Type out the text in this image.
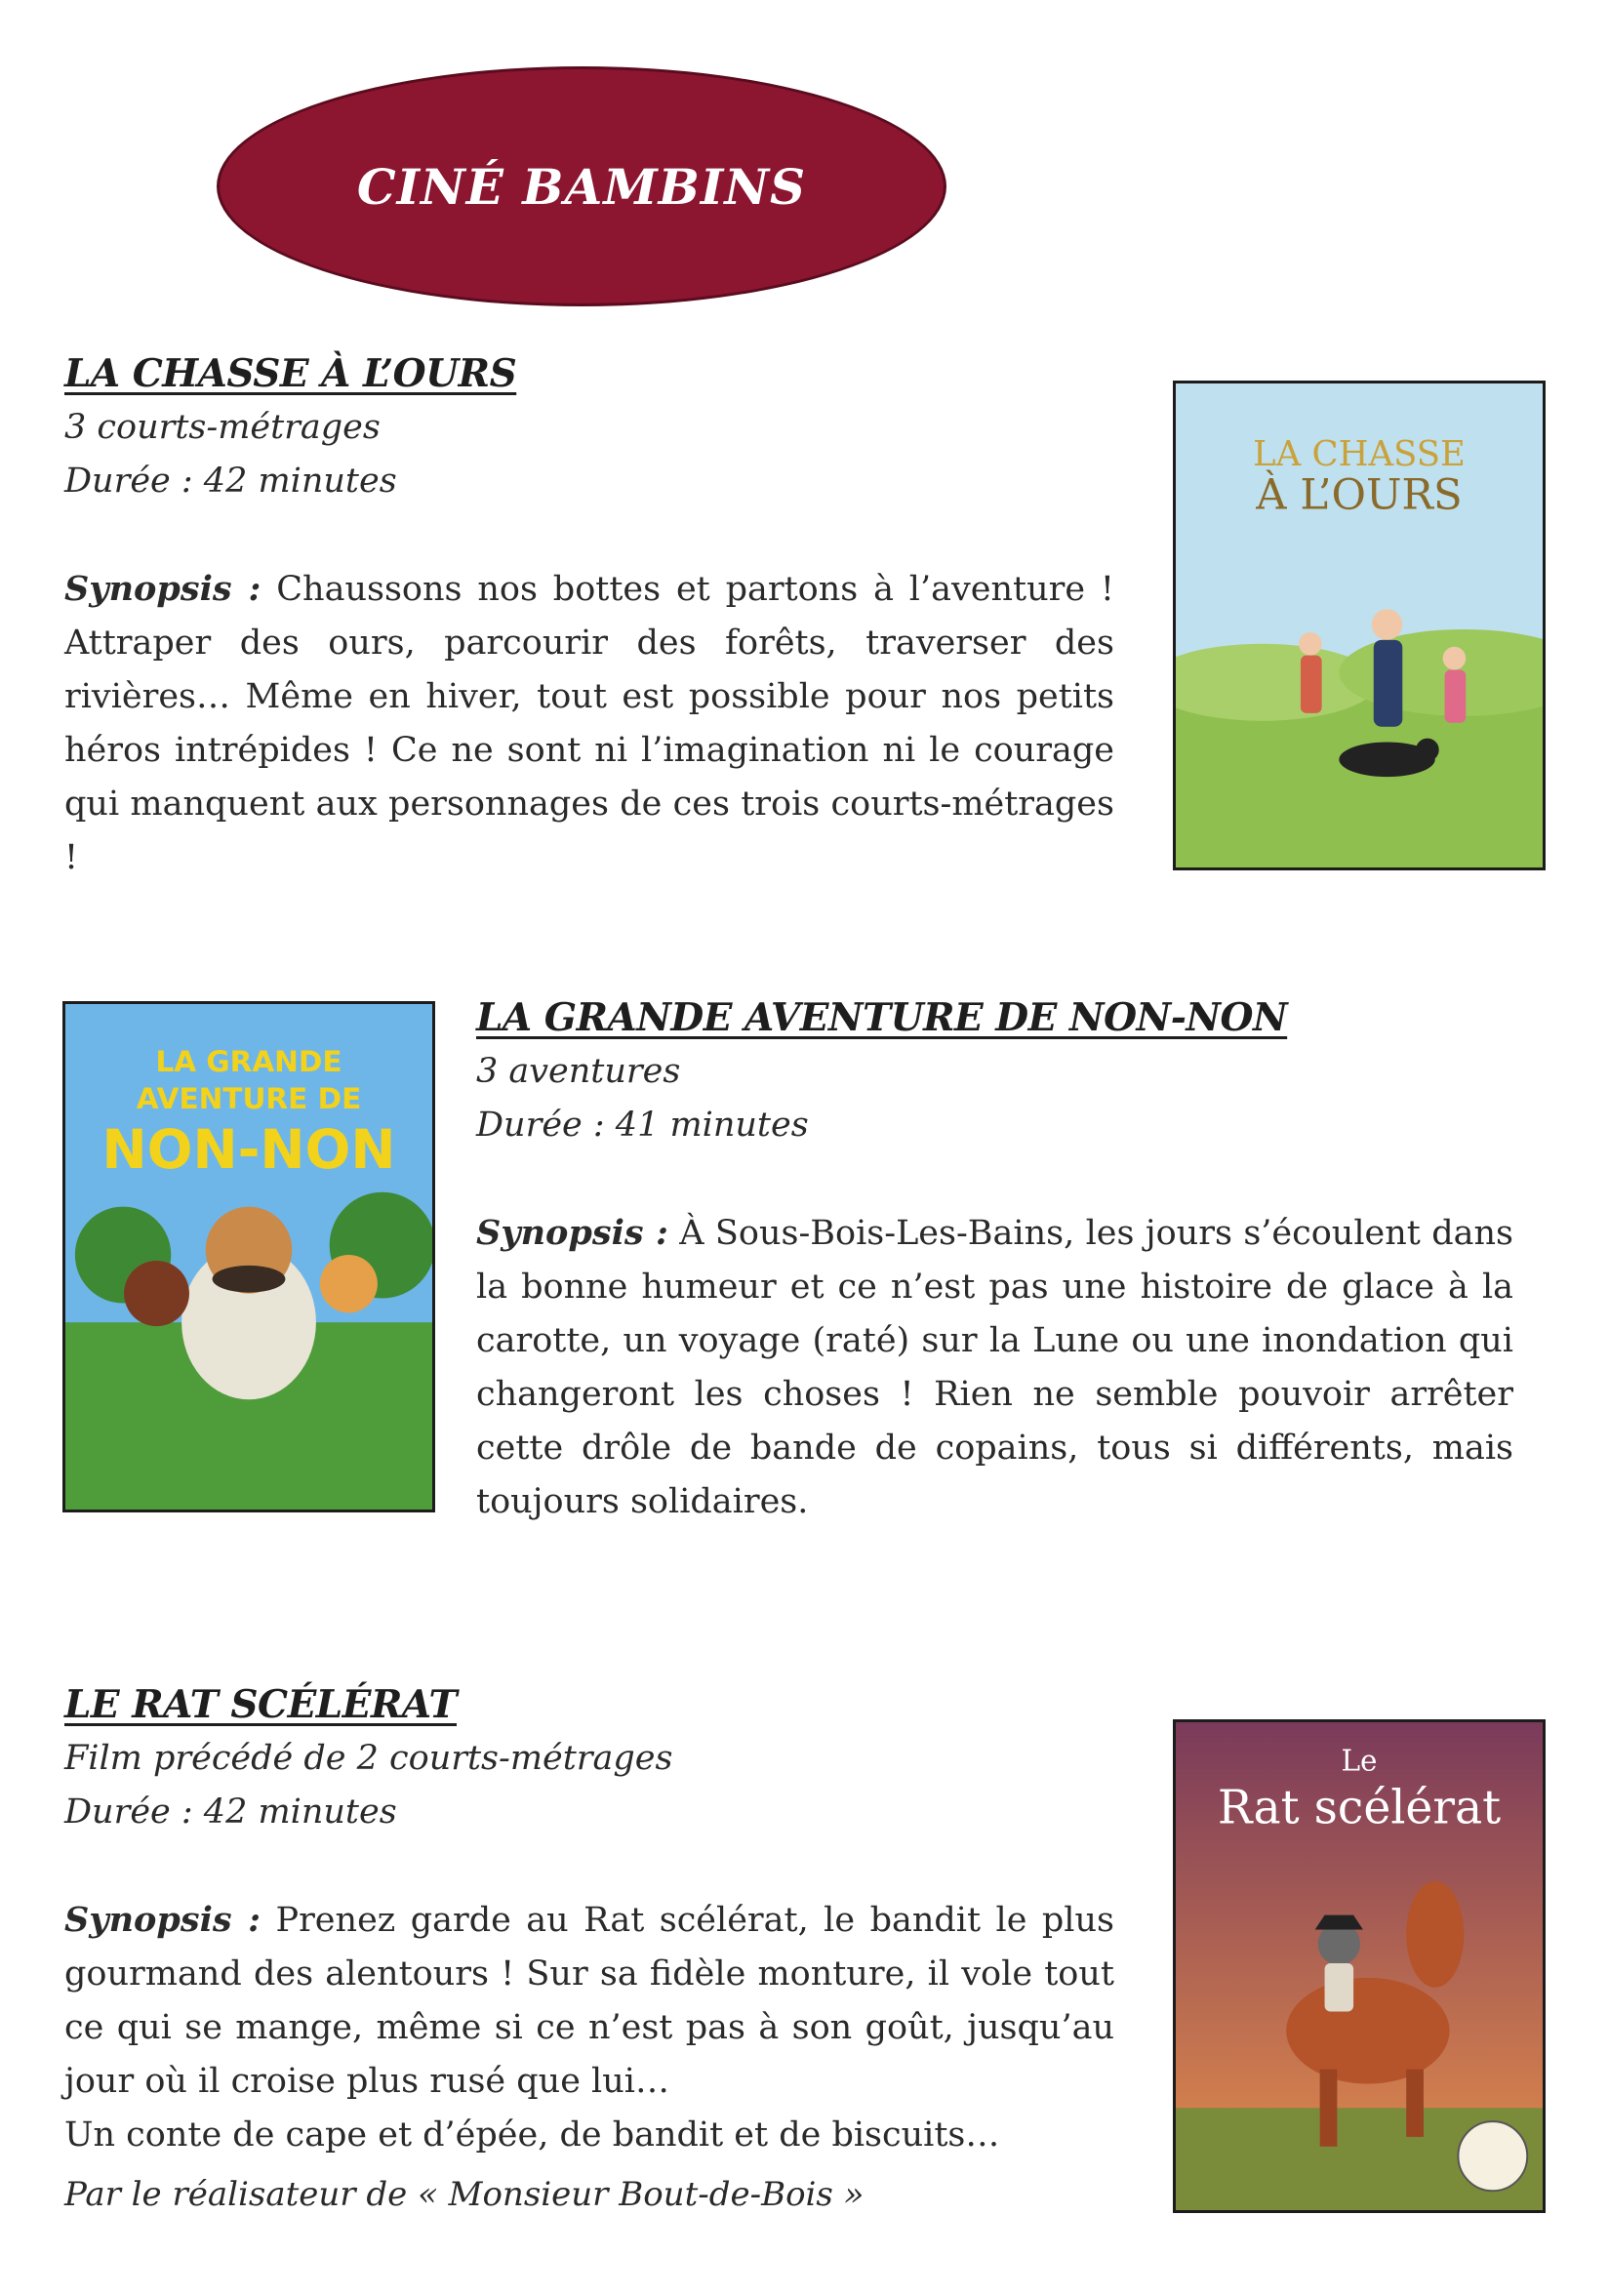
CINÉ BAMBINS
LA CHASSE À L’OURS

3 courts-métrages

Durée : 42 minutes

Synopsis : Chaussons nos bottes et partons à l’aventure ! Attraper des ours, parcourir des forêts, traverser des rivières… Même en hiver, tout est possible pour nos petits héros intrépides ! Ce ne sont ni l’imagination ni le courage qui manquent aux personnages de ces trois courts-métrages !

LA CHASSE
À L’OURS
LA GRANDE
AVENTURE DE
NON-NON
LA GRANDE AVENTURE DE NON-NON

3 aventures

Durée : 41 minutes

Synopsis : À Sous-Bois-Les-Bains, les jours s’écoulent dans la bonne humeur et ce n’est pas une histoire de glace à la carotte, un voyage (raté) sur la Lune ou une inondation qui changeront les choses ! Rien ne semble pouvoir arrêter cette drôle de bande de copains, tous si différents, mais toujours solidaires.

LE RAT SCÉLÉRAT

Film précédé de 2 courts-métrages

Durée : 42 minutes

Synopsis : Prenez garde au Rat scélérat, le bandit le plus gourmand des alentours ! Sur sa fidèle monture, il vole tout ce qui se mange, même si ce n’est pas à son goût, jusqu’au jour où il croise plus rusé que lui…

Un conte de cape et d’épée, de bandit et de biscuits…

Par le réalisateur de « Monsieur Bout-de-Bois »

Le
Rat scélérat
